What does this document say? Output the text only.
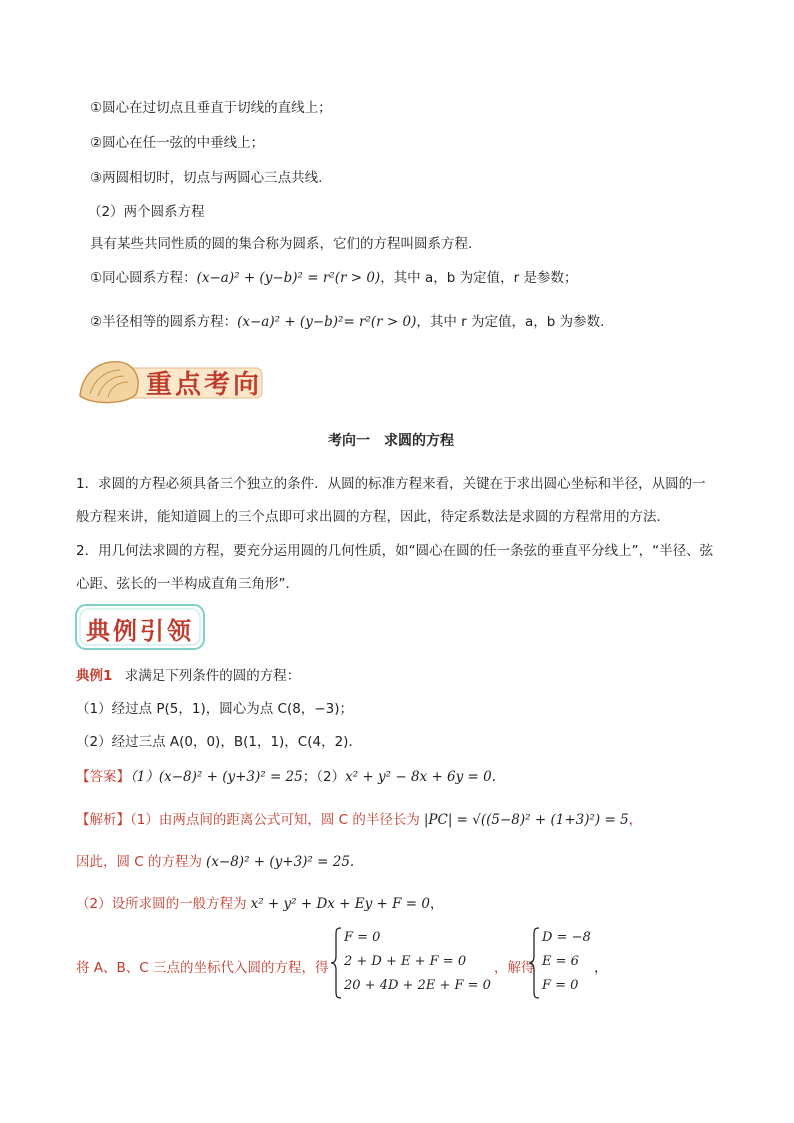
①圆心在过切点且垂直于切线的直线上；
②圆心在任一弦的中垂线上；
③两圆相切时，切点与两圆心三点共线.
（2）两个圆系方程
具有某些共同性质的圆的集合称为圆系，它们的方程叫圆系方程.
①同心圆系方程：(x−a)² + (y−b)² = r²(r > 0)，其中 a，b 为定值，r 是参数；
②半径相等的圆系方程：(x−a)² + (y−b)²= r²(r > 0)，其中 r 为定值，a，b 为参数.
重点考向
考向一　求圆的方程
1．求圆的方程必须具备三个独立的条件．从圆的标准方程来看，关键在于求出圆心坐标和半径，从圆的一
般方程来讲，能知道圆上的三个点即可求出圆的方程，因此，待定系数法是求圆的方程常用的方法．
2．用几何法求圆的方程，要充分运用圆的几何性质，如“圆心在圆的任一条弦的垂直平分线上”，“半径、弦
心距、弦长的一半构成直角三角形”．
典例引领
典例1 求满足下列条件的圆的方程：
（1）经过点 P(5，1)，圆心为点 C(8，−3)；
（2）经过三点 A(0，0)，B(1，1)，C(4，2)．
【答案】（1）(x−8)² + (y+3)² = 25；（2）x² + y² − 8x + 6y = 0.
【解析】（1）由两点间的距离公式可知，圆 C 的半径长为 |PC| = √((5−8)² + (1+3)²) = 5，
因此，圆 C 的方程为 (x−8)² + (y+3)² = 25.
（2）设所求圆的一般方程为 x² + y² + Dx + Ey + F = 0，
将 A、B、C 三点的坐标代入圆的方程，得
F = 0
2 + D + E + F = 0
20 + 4D + 2E + F = 0
，解得
D = −8
E = 6
F = 0
，
